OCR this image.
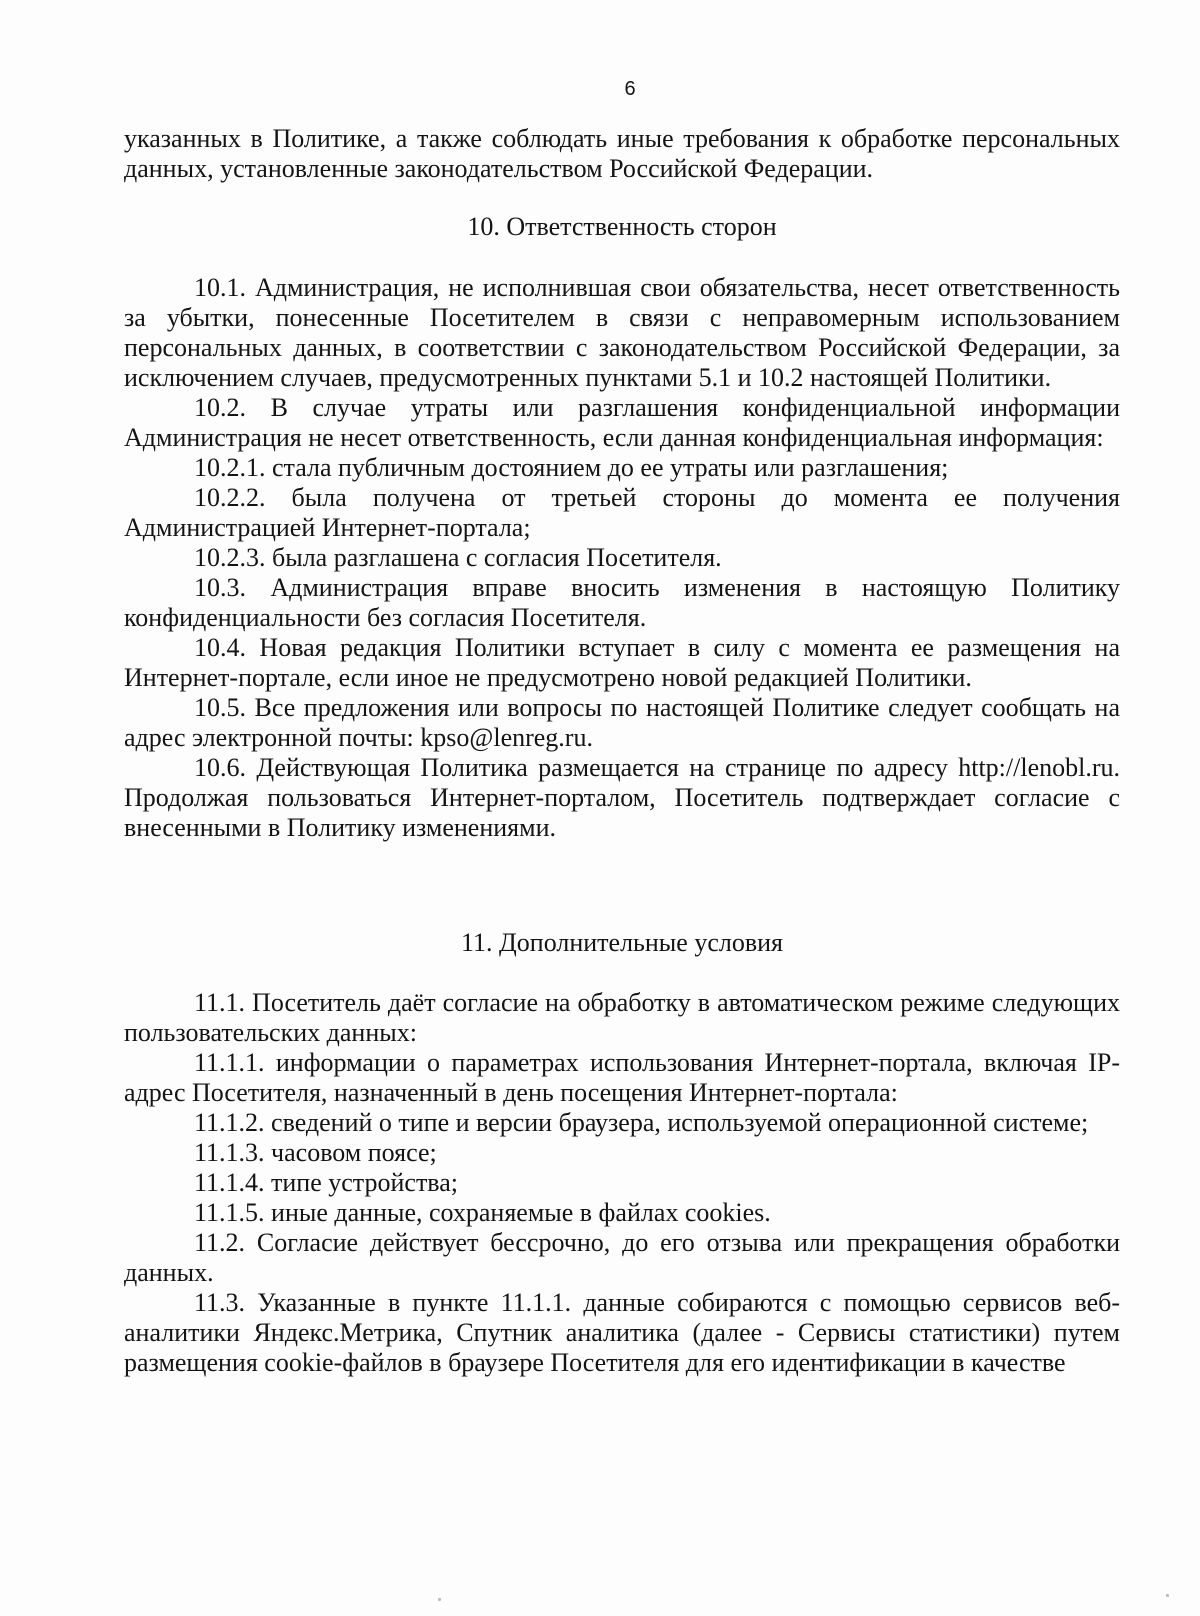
6

указанных в Политике, а также соблюдать иные требования к обработке персональных данных, установленные законодательством Российской Федерации.

10. Ответственность сторон

10.1. Администрация, не исполнившая свои обязательства, несет ответственность за убытки, понесенные Посетителем в связи с неправомерным использованием персональных данных, в соответствии с законодательством Российской Федерации, за исключением случаев, предусмотренных пунктами 5.1 и 10.2 настоящей Политики.

10.2. В случае утраты или разглашения конфиденциальной информации Администрация не несет ответственность, если данная конфиденциальная информация:

10.2.1. стала публичным достоянием до ее утраты или разглашения;

10.2.2. была получена от третьей стороны до момента ее получения Администрацией Интернет-портала;

10.2.3. была разглашена с согласия Посетителя.

10.3. Администрация вправе вносить изменения в настоящую Политику конфиденциальности без согласия Посетителя.

10.4. Новая редакция Политики вступает в силу с момента ее размещения на Интернет-портале, если иное не предусмотрено новой редакцией Политики.

10.5. Все предложения или вопросы по настоящей Политике следует сообщать на адрес электронной почты: kpso@lenreg.ru.

10.6. Действующая Политика размещается на странице по адресу http://lenobl.ru. Продолжая пользоваться Интернет-порталом, Посетитель подтверждает согласие с внесенными в Политику изменениями.

11. Дополнительные условия

11.1. Посетитель даёт согласие на обработку в автоматическом режиме следующих пользовательских данных:

11.1.1. информации о параметрах использования Интернет-портала, включая IP-адрес Посетителя, назначенный в день посещения Интернет-портала:

11.1.2. сведений о типе и версии браузера, используемой операционной системе;

11.1.3. часовом поясе;

11.1.4. типе устройства;

11.1.5. иные данные, сохраняемые в файлах cookies.

11.2. Согласие действует бессрочно, до его отзыва или прекращения обработки данных.

11.3. Указанные в пункте 11.1.1. данные собираются с помощью сервисов веб-аналитики Яндекс.Метрика, Спутник аналитика (далее - Сервисы статистики) путем размещения cookie-файлов в браузере Посетителя для его идентификации в качестве
